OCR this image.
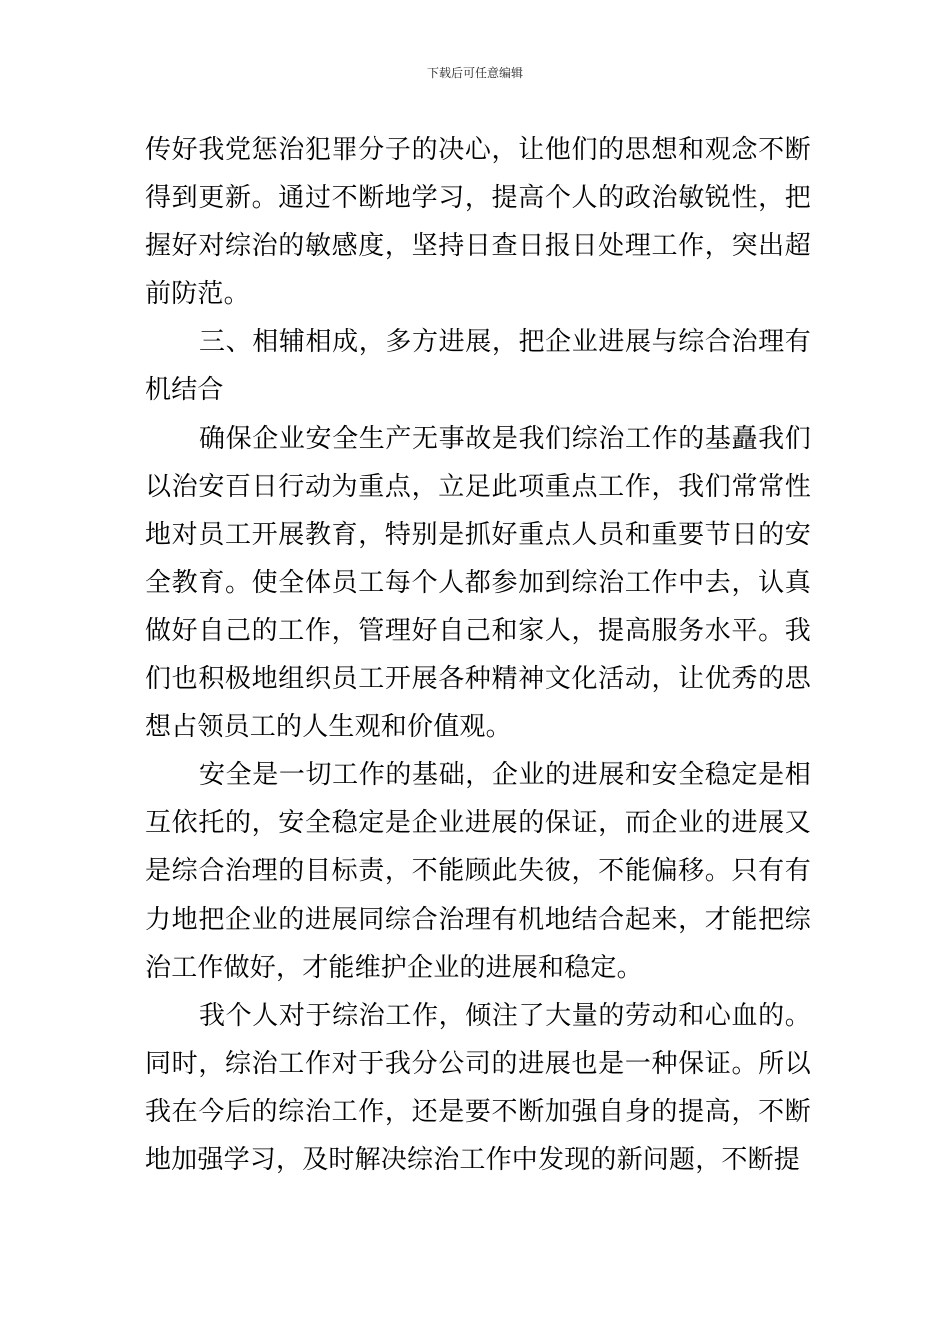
下载后可任意编辑

传好我党惩治犯罪分子的决心，让他们的思想和观念不断得到更新。通过不断地学习，提高个人的政治敏锐性，把握好对综治的敏感度，坚持日查日报日处理工作，突出超前防范。

三、相辅相成，多方进展，把企业进展与综合治理有机结合

确保企业安全生产无事故是我们综治工作的基矗我们以治安百日行动为重点，立足此项重点工作，我们常常性地对员工开展教育，特别是抓好重点人员和重要节日的安全教育。使全体员工每个人都参加到综治工作中去，认真做好自己的工作，管理好自己和家人，提高服务水平。我们也积极地组织员工开展各种精神文化活动，让优秀的思想占领员工的人生观和价值观。

安全是一切工作的基础，企业的进展和安全稳定是相互依托的，安全稳定是企业进展的保证，而企业的进展又是综合治理的目标责，不能顾此失彼，不能偏移。只有有力地把企业的进展同综合治理有机地结合起来，才能把综治工作做好，才能维护企业的进展和稳定。

我个人对于综治工作，倾注了大量的劳动和心血的。同时，综治工作对于我分公司的进展也是一种保证。所以我在今后的综治工作，还是要不断加强自身的提高，不断地加强学习，及时解决综治工作中发现的新问题，不断提
